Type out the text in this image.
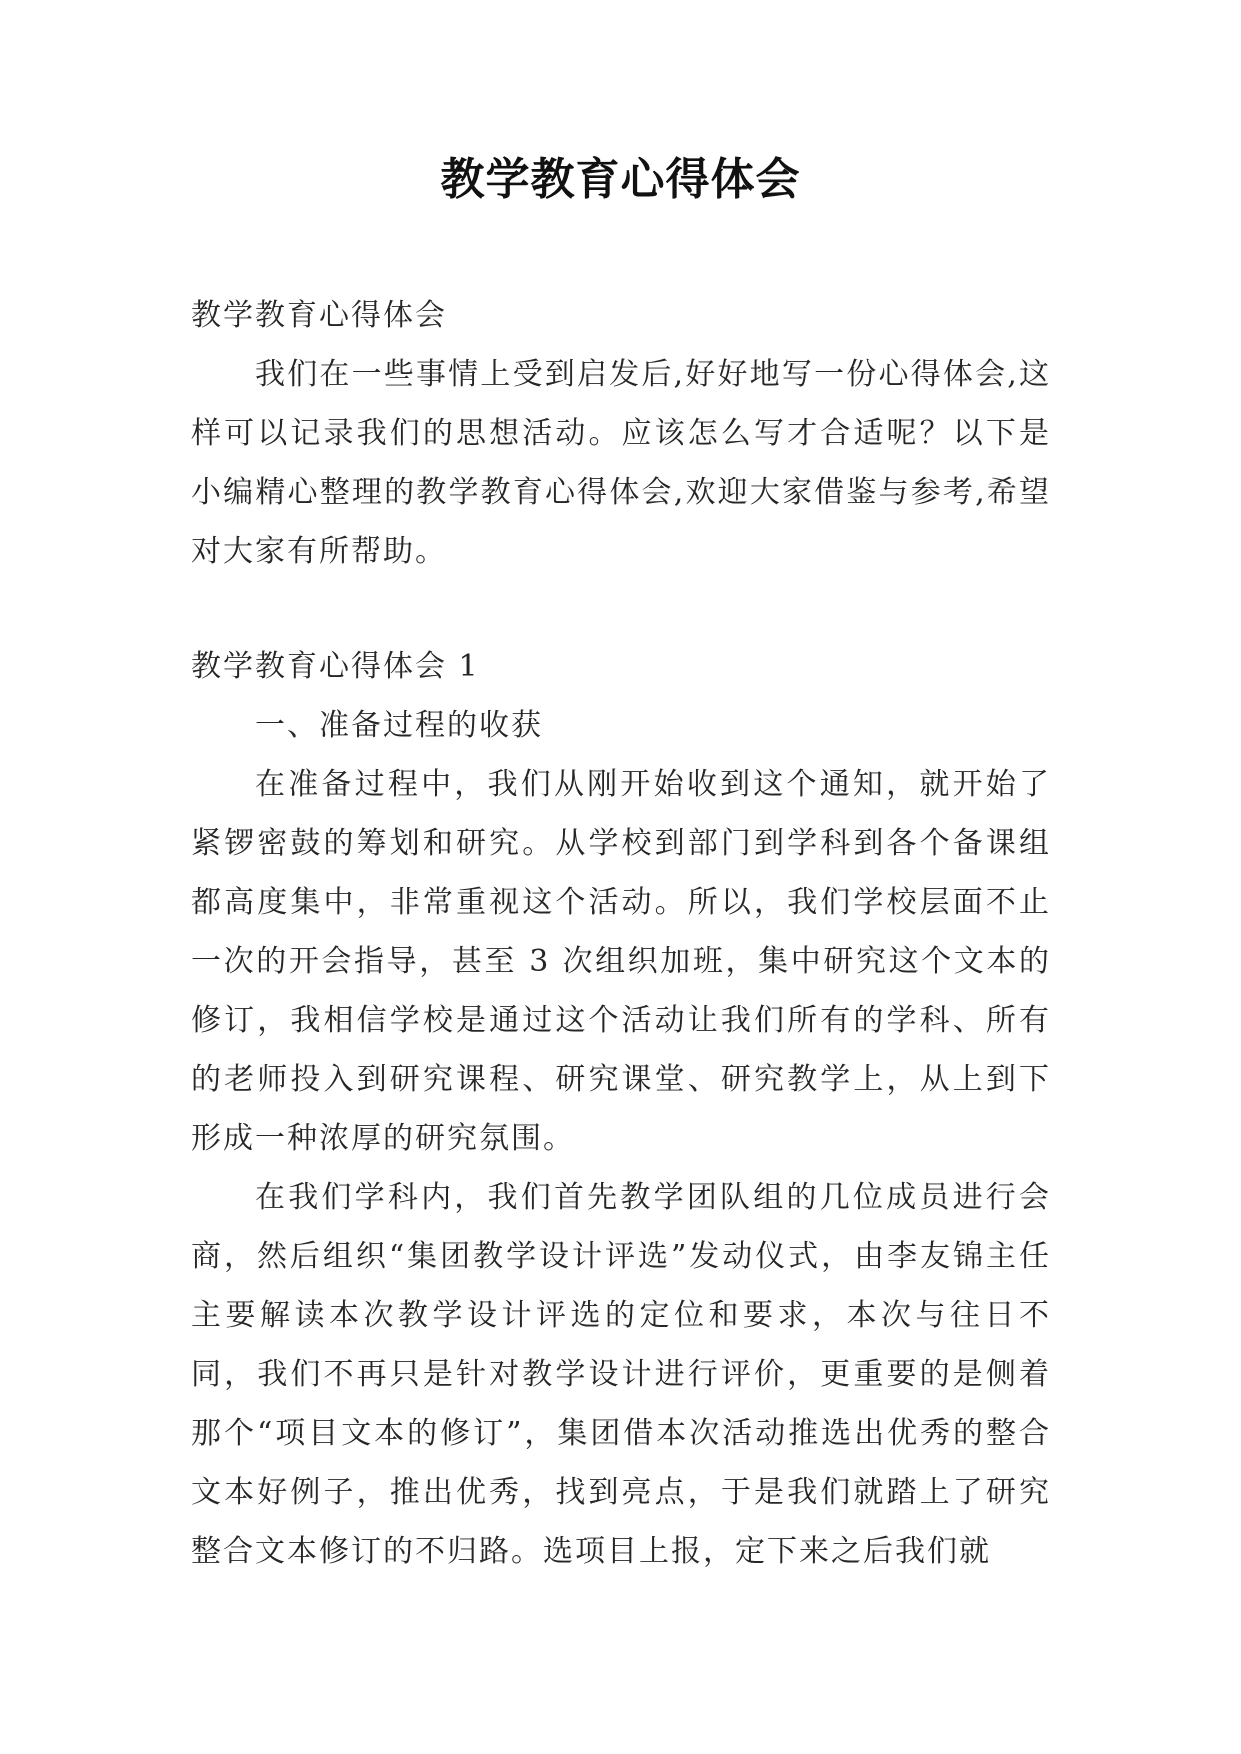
教学教育心得体会

教学教育心得体会

我们在一些事情上受到启发后,好好地写一份心得体会,这样可以记录我们的思想活动。应该怎么写才合适呢？以下是小编精心整理的教学教育心得体会,欢迎大家借鉴与参考,希望对大家有所帮助。

教学教育心得体会 1

一、准备过程的收获

在准备过程中，我们从刚开始收到这个通知，就开始了紧锣密鼓的筹划和研究。从学校到部门到学科到各个备课组都高度集中，非常重视这个活动。所以，我们学校层面不止一次的开会指导，甚至 3 次组织加班，集中研究这个文本的修订，我相信学校是通过这个活动让我们所有的学科、所有的老师投入到研究课程、研究课堂、研究教学上，从上到下形成一种浓厚的研究氛围。

在我们学科内，我们首先教学团队组的几位成员进行会商，然后组织“集团教学设计评选”发动仪式，由李友锦主任主要解读本次教学设计评选的定位和要求，本次与往日不同，我们不再只是针对教学设计进行评价，更重要的是侧着那个“项目文本的修订”，集团借本次活动推选出优秀的整合文本好例子，推出优秀，找到亮点，于是我们就踏上了研究整合文本修订的不归路。选项目上报，定下来之后我们就
